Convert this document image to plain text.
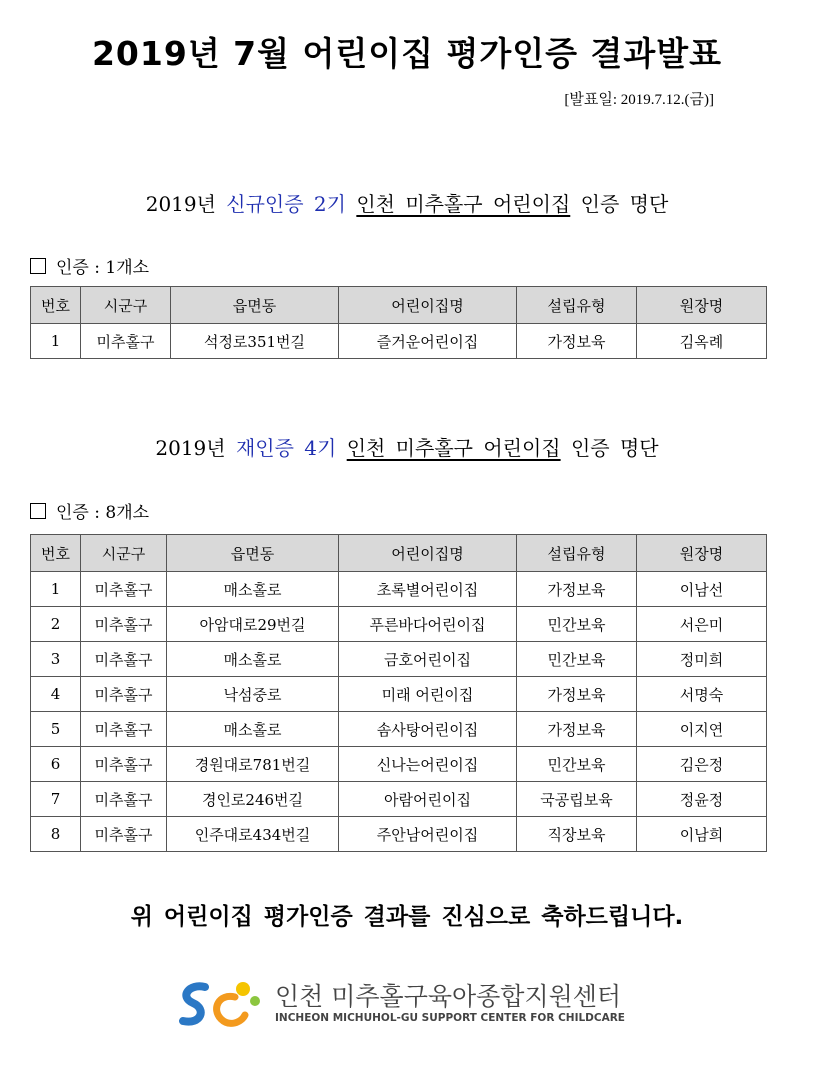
2019년 7월 어린이집 평가인증 결과발표
[발표일: 2019.7.12.(금)]
2019년 신규인증 2기 인천 미추홀구 어린이집 인증 명단
인증 : 1개소
번호	시군구	읍면동	어린이집명	설립유형	원장명
1	미추홀구	석정로351번길	즐거운어린이집	가정보육	김옥례
2019년 재인증 4기 인천 미추홀구 어린이집 인증 명단
인증 : 8개소
번호	시군구	읍면동	어린이집명	설립유형	원장명
1	미추홀구	매소홀로	초록별어린이집	가정보육	이남선
2	미추홀구	아암대로29번길	푸른바다어린이집	민간보육	서은미
3	미추홀구	매소홀로	금호어린이집	민간보육	정미희
4	미추홀구	낙섬중로	미래 어린이집	가정보육	서명숙
5	미추홀구	매소홀로	솜사탕어린이집	가정보육	이지연
6	미추홀구	경원대로781번길	신나는어린이집	민간보육	김은정
7	미추홀구	경인로246번길	아람어린이집	국공립보육	정윤정
8	미추홀구	인주대로434번길	주안남어린이집	직장보육	이남희
위 어린이집 평가인증 결과를 진심으로 축하드립니다.
인천 미추홀구육아종합지원센터
INCHEON MICHUHOL-GU SUPPORT CENTER FOR CHILDCARE
